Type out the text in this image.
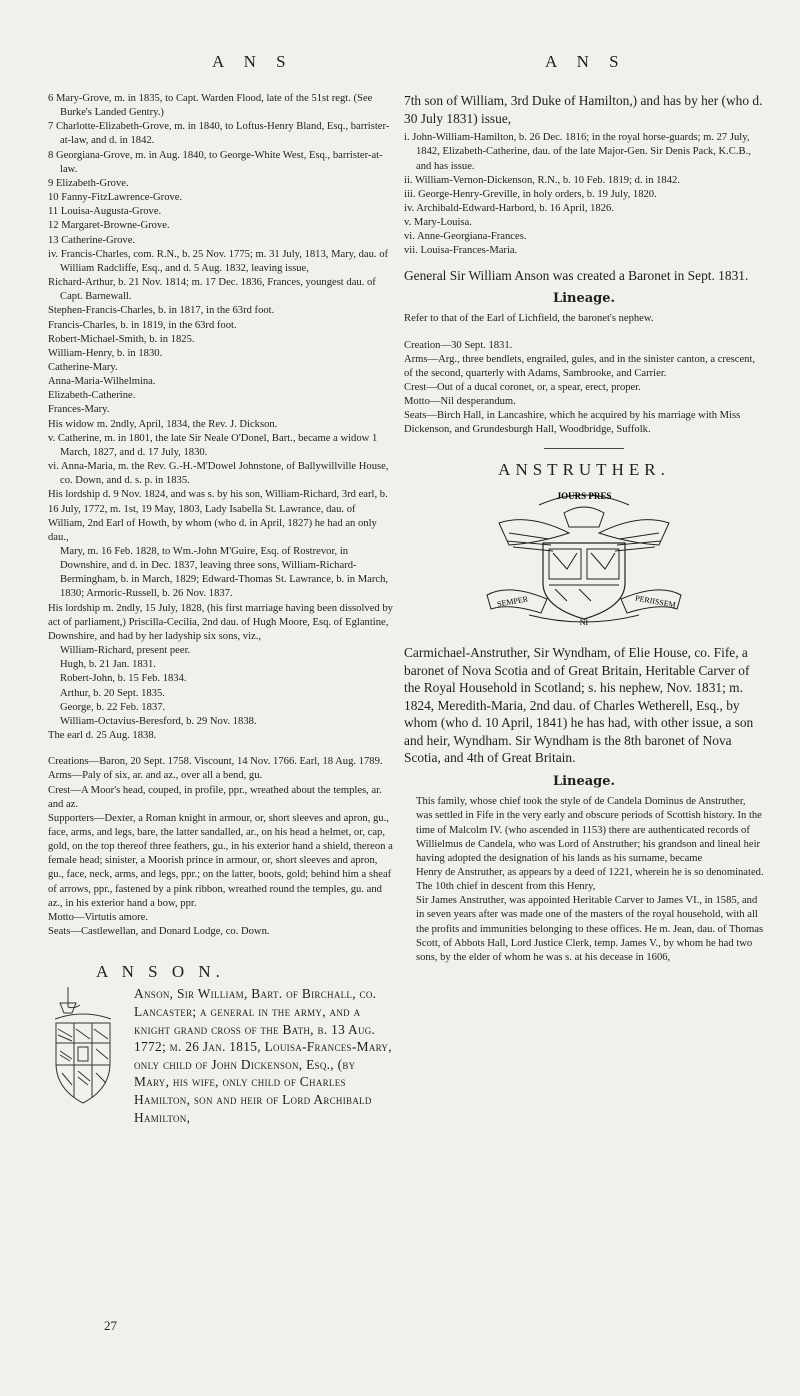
A N S	A N S

6 Mary-Grove, m. in 1835, to Capt. Warden Flood, late of the 51st regt. (See Burke's Landed Gentry.)

7 Charlotte-Elizabeth-Grove, m. in 1840, to Loftus-Henry Bland, Esq., barrister-at-law, and d. in 1842.

8 Georgiana-Grove, m. in Aug. 1840, to George-White West, Esq., barrister-at-law.

9 Elizabeth-Grove.

10 Fanny-FitzLawrence-Grove.

11 Louisa-Augusta-Grove.

12 Margaret-Browne-Grove.

13 Catherine-Grove.

iv. Francis-Charles, com. R.N., b. 25 Nov. 1775; m. 31 July, 1813, Mary, dau. of William Radcliffe, Esq., and d. 5 Aug. 1832, leaving issue,

Richard-Arthur, b. 21 Nov. 1814; m. 17 Dec. 1836, Frances, youngest dau. of Capt. Barnewall.

Stephen-Francis-Charles, b. in 1817, in the 63rd foot.

Francis-Charles, b. in 1819, in the 63rd foot.

Robert-Michael-Smith, b. in 1825.

William-Henry, b. in 1830.

Catherine-Mary.

Anna-Maria-Wilhelmina.

Elizabeth-Catherine.

Frances-Mary.

His widow m. 2ndly, April, 1834, the Rev. J. Dickson.

v. Catherine, m. in 1801, the late Sir Neale O'Donel, Bart., became a widow 1 March, 1827, and d. 17 July, 1830.

vi. Anna-Maria, m. the Rev. G.-H.-M'Dowel Johnstone, of Ballywillville House, co. Down, and d. s. p. in 1835.

His lordship d. 9 Nov. 1824, and was s. by his son, William-Richard, 3rd earl, b. 16 July, 1772, m. 1st, 19 May, 1803, Lady Isabella St. Lawrance, dau. of William, 2nd Earl of Howth, by whom (who d. in April, 1827) he had an only dau.,

Mary, m. 16 Feb. 1828, to Wm.-John M'Guire, Esq. of Rostrevor, in Downshire, and d. in Dec. 1837, leaving three sons, William-Richard-Bermingham, b. in March, 1829; Edward-Thomas St. Lawrance, b. in March, 1830; Armoric-Russell, b. 26 Nov. 1837.

His lordship m. 2ndly, 15 July, 1828, (his first marriage having been dissolved by act of parliament,) Priscilla-Cecilia, 2nd dau. of Hugh Moore, Esq. of Eglantine, Downshire, and had by her ladyship six sons, viz.,

William-Richard, present peer.

Hugh, b. 21 Jan. 1831.

Robert-John, b. 15 Feb. 1834.

Arthur, b. 20 Sept. 1835.

George, b. 22 Feb. 1837.

William-Octavius-Beresford, b. 29 Nov. 1838.

The earl d. 25 Aug. 1838.

Creations—Baron, 20 Sept. 1758. Viscount, 14 Nov. 1766. Earl, 18 Aug. 1789.

Arms—Paly of six, ar. and az., over all a bend, gu.

Crest—A Moor's head, couped, in profile, ppr., wreathed about the temples, ar. and az.

Supporters—Dexter, a Roman knight in armour, or, short sleeves and apron, gu., face, arms, and legs, bare, the latter sandalled, ar., on his head a helmet, or, cap, gold, on the top thereof three feathers, gu., in his exterior hand a shield, thereon a female head; sinister, a Moorish prince in armour, or, short sleeves and apron, gu., face, neck, arms, and legs, ppr.; on the latter, boots, gold; behind him a sheaf of arrows, ppr., fastened by a pink ribbon, wreathed round the temples, gu. and az., in his exterior hand a bow, ppr.

Motto—Virtutis amore.

Seats—Castlewellan, and Donard Lodge, co. Down.

A N S O N.
Anson, Sir William, Bart. of Birchall, co. Lancaster; a general in the army, and a knight grand cross of the Bath, b. 13 Aug. 1772; m. 26 Jan. 1815, Louisa-Frances-Mary, only child of John Dickenson, Esq., (by Mary, his wife, only child of Charles Hamilton, son and heir of Lord Archibald Hamilton,
27

7th son of William, 3rd Duke of Hamilton,) and has by her (who d. 30 July 1831) issue,

i. John-William-Hamilton, b. 26 Dec. 1816; in the royal horse-guards; m. 27 July, 1842, Elizabeth-Catherine, dau. of the late Major-Gen. Sir Denis Pack, K.C.B., and has issue.

ii. William-Vernon-Dickenson, R.N., b. 10 Feb. 1819; d. in 1842.

iii. George-Henry-Greville, in holy orders, b. 19 July, 1820.

iv. Archibald-Edward-Harbord, b. 16 April, 1826.

v. Mary-Louisa.

vi. Anne-Georgiana-Frances.

vii. Louisa-Frances-Maria.

General Sir William Anson was created a Baronet in Sept. 1831.

Lineage.

Refer to that of the Earl of Lichfield, the baronet's nephew.

Creation—30 Sept. 1831.

Arms—Arg., three bendlets, engrailed, gules, and in the sinister canton, a crescent, of the second, quarterly with Adams, Sambrooke, and Carrier.

Crest—Out of a ducal coronet, or, a spear, erect, proper.

Motto—Nil desperandum.

Seats—Birch Hall, in Lancashire, which he acquired by his marriage with Miss Dickenson, and Grundesburgh Hall, Woodbridge, Suffolk.

ANSTRUTHER.
JOURS PRES
SEMPER
NI
PERIISSEM

Carmichael-Anstruther, Sir Wyndham, of Elie House, co. Fife, a baronet of Nova Scotia and of Great Britain, Heritable Carver of the Royal Household in Scotland; s. his nephew, Nov. 1831; m. 1824, Meredith-Maria, 2nd dau. of Charles Wetherell, Esq., by whom (who d. 10 April, 1841) he has had, with other issue, a son and heir, Wyndham. Sir Wyndham is the 8th baronet of Nova Scotia, and 4th of Great Britain.

Lineage.

This family, whose chief took the style of de Candela Dominus de Anstruther, was settled in Fife in the very early and obscure periods of Scottish history. In the time of Malcolm IV. (who ascended in 1153) there are authenticated records of

Willielmus de Candela, who was Lord of Anstruther; his grandson and lineal heir having adopted the designation of his lands as his surname, became

Henry de Anstruther, as appears by a deed of 1221, wherein he is so denominated. The 10th chief in descent from this Henry,

Sir James Anstruther, was appointed Heritable Carver to James VI., in 1585, and in seven years after was made one of the masters of the royal household, with all the profits and immunities belonging to these offices. He m. Jean, dau. of Thomas Scott, of Abbots Hall, Lord Justice Clerk, temp. James V., by whom he had two sons, by the elder of whom he was s. at his decease in 1606,
